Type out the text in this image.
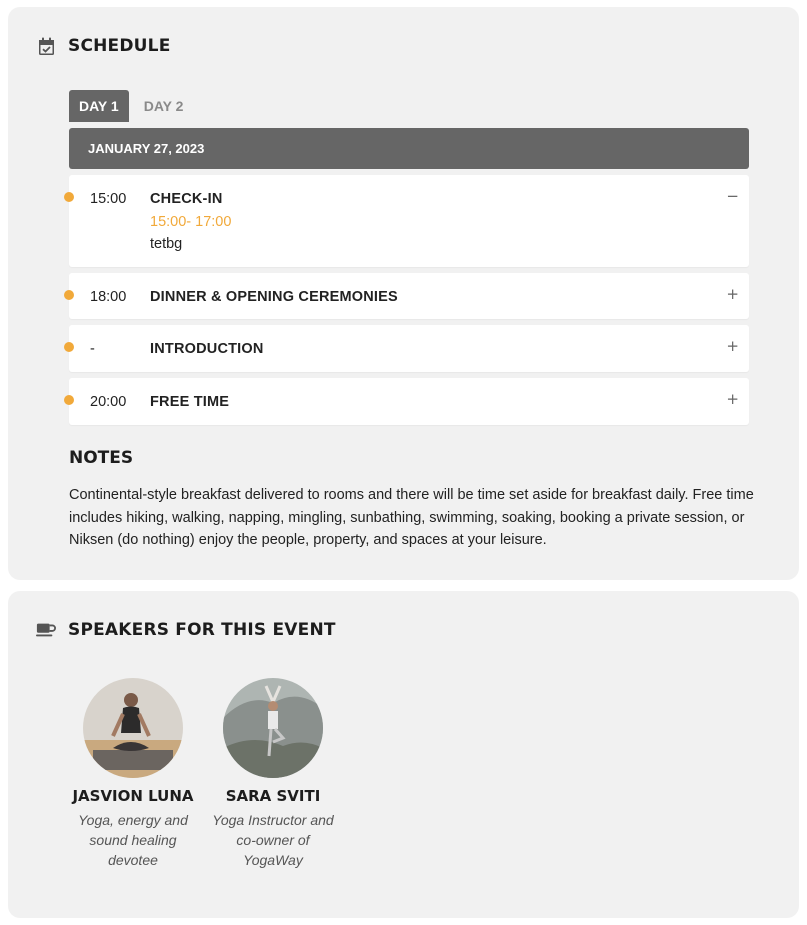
SCHEDULE
DAY 1	DAY 2
JANUARY 27, 2023
15:00 CHECK-IN	−
15:00- 17:00
tetbg
18:00 DINNER & OPENING CEREMONIES	+
-	INTRODUCTION	+
20:00 FREE TIME	+
NOTES
Continental-style breakfast delivered to rooms and there will be time set aside for breakfast daily. Free time includes hiking, walking, napping, mingling, sunbathing, swimming, soaking, booking a private session, or Niksen (do nothing) enjoy the people, property, and spaces at your leisure.
SPEAKERS FOR THIS EVENT
JASVION LUNA
Yoga, energy and sound healing devotee
SARA SVITI
Yoga Instructor and co-owner of YogaWay
